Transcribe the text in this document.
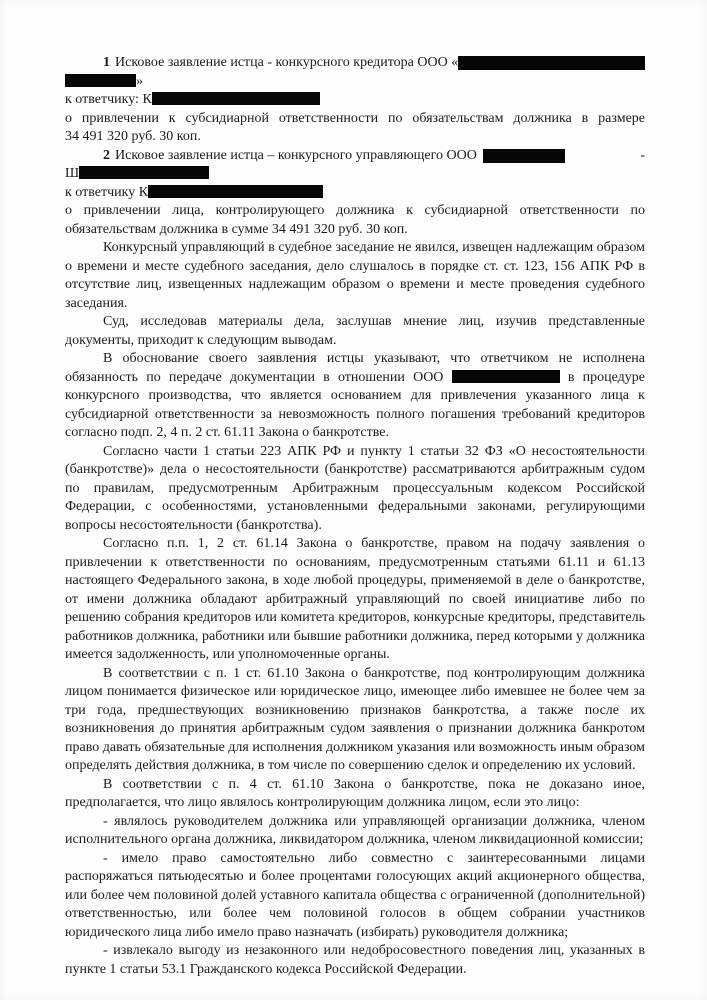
1 Исковое заявление истца - конкурсного кредитора ООО «
»
к ответчику: К
о привлечении к субсидиарной ответственности по обязательствам должника в размере
34 491 320 руб. 30 коп.
2 Исковое заявление истца – конкурсного управляющего ООО	-
Ш
к ответчику К
о привлечении лица, контролирующего должника к субсидиарной ответственности по
обязательствам должника в сумме 34 491 320 руб. 30 коп.

Конкурсный управляющий в судебное заседание не явился, извещен надлежащим образом о времени и месте судебного заседания, дело слушалось в порядке ст. ст. 123, 156 АПК РФ в отсутствие лиц, извещенных надлежащим образом о времени и месте проведения судебного заседания.

Суд, исследовав материалы дела, заслушав мнение лиц, изучив представленные документы, приходит к следующим выводам.

В обоснование своего заявления истцы указывают, что ответчиком не исполнена обязанность по передаче документации в отношении ООО	в процедуре конкурсного производства, что является основанием для привлечения указанного лица к субсидиарной ответственности за невозможность полного погашения требований кредиторов согласно подп. 2, 4 п. 2 ст. 61.11 Закона о банкротстве.

Согласно части 1 статьи 223 АПК РФ и пункту 1 статьи 32 ФЗ «О несостоятельности (банкротстве)» дела о несостоятельности (банкротстве) рассматриваются арбитражным судом по правилам, предусмотренным Арбитражным процессуальным кодексом Российской Федерации, с особенностями, установленными федеральными законами, регулирующими вопросы несостоятельности (банкротства).

Согласно п.п. 1, 2 ст. 61.14 Закона о банкротстве, правом на подачу заявления о привлечении к ответственности по основаниям, предусмотренным статьями 61.11 и 61.13 настоящего Федерального закона, в ходе любой процедуры, применяемой в деле о банкротстве, от имени должника обладают арбитражный управляющий по своей инициативе либо по решению собрания кредиторов или комитета кредиторов, конкурсные кредиторы, представитель работников должника, работники или бывшие работники должника, перед которыми у должника имеется задолженность, или уполномоченные органы.

В соответствии с п. 1 ст. 61.10 Закона о банкротстве, под контролирующим должника лицом понимается физическое или юридическое лицо, имеющее либо имевшее не более чем за три года, предшествующих возникновению признаков банкротства, а также после их возникновения до принятия арбитражным судом заявления о признании должника банкротом право давать обязательные для исполнения должником указания или возможность иным образом определять действия должника, в том числе по совершению сделок и определению их условий.

В соответствии с п. 4 ст. 61.10 Закона о банкротстве, пока не доказано иное, предполагается, что лицо являлось контролирующим должника лицом, если это лицо:

- являлось руководителем должника или управляющей организации должника, членом исполнительного органа должника, ликвидатором должника, членом ликвидационной комиссии;

- имело право самостоятельно либо совместно с заинтересованными лицами распоряжаться пятьюдесятью и более процентами голосующих акций акционерного общества, или более чем половиной долей уставного капитала общества с ограниченной (дополнительной) ответственностью, или более чем половиной голосов в общем собрании участников юридического лица либо имело право назначать (избирать) руководителя должника;

- извлекало выгоду из незаконного или недобросовестного поведения лиц, указанных в пункте 1 статьи 53.1 Гражданского кодекса Российской Федерации.
